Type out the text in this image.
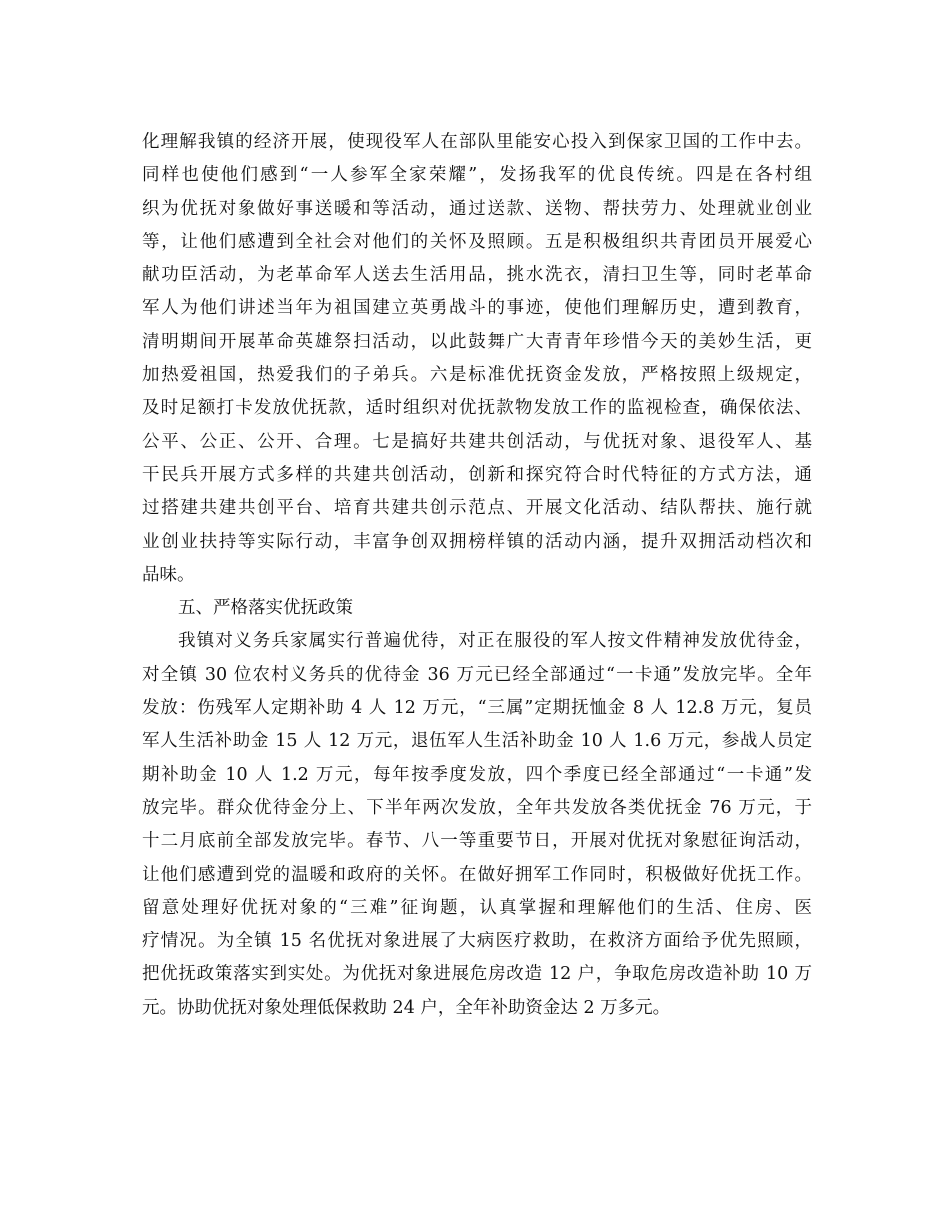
化理解我镇的经济开展，使现役军人在部队里能安心投入到保家卫国的工作中去。
同样也使他们感到“一人参军全家荣耀”，发扬我军的优良传统。四是在各村组
织为优抚对象做好事送暖和等活动，通过送款、送物、帮扶劳力、处理就业创业
等，让他们感遭到全社会对他们的关怀及照顾。五是积极组织共青团员开展爱心
献功臣活动，为老革命军人送去生活用品，挑水洗衣，清扫卫生等，同时老革命
军人为他们讲述当年为祖国建立英勇战斗的事迹，使他们理解历史，遭到教育，
清明期间开展革命英雄祭扫活动，以此鼓舞广大青青年珍惜今天的美妙生活，更
加热爱祖国，热爱我们的子弟兵。六是标准优抚资金发放，严格按照上级规定，
及时足额打卡发放优抚款，适时组织对优抚款物发放工作的监视检查，确保依法、
公平、公正、公开、合理。七是搞好共建共创活动，与优抚对象、退役军人、基
干民兵开展方式多样的共建共创活动，创新和探究符合时代特征的方式方法，通
过搭建共建共创平台、培育共建共创示范点、开展文化活动、结队帮扶、施行就
业创业扶持等实际行动，丰富争创双拥榜样镇的活动内涵，提升双拥活动档次和
品味。
五、严格落实优抚政策
我镇对义务兵家属实行普遍优待，对正在服役的军人按文件精神发放优待金，
对全镇 30 位农村义务兵的优待金 36 万元已经全部通过“一卡通”发放完毕。全年
发放：伤残军人定期补助 4 人 12 万元，“三属”定期抚恤金 8 人 12.8 万元，复员
军人生活补助金 15 人 12 万元，退伍军人生活补助金 10 人 1.6 万元，参战人员定
期补助金 10 人 1.2 万元，每年按季度发放，四个季度已经全部通过“一卡通”发
放完毕。群众优待金分上、下半年两次发放，全年共发放各类优抚金 76 万元，于
十二月底前全部发放完毕。春节、八一等重要节日，开展对优抚对象慰征询活动，
让他们感遭到党的温暖和政府的关怀。在做好拥军工作同时，积极做好优抚工作。
留意处理好优抚对象的“三难”征询题，认真掌握和理解他们的生活、住房、医
疗情况。为全镇 15 名优抚对象进展了大病医疗救助，在救济方面给予优先照顾，
把优抚政策落实到实处。为优抚对象进展危房改造 12 户，争取危房改造补助 10 万
元。协助优抚对象处理低保救助 24 户，全年补助资金达 2 万多元。
